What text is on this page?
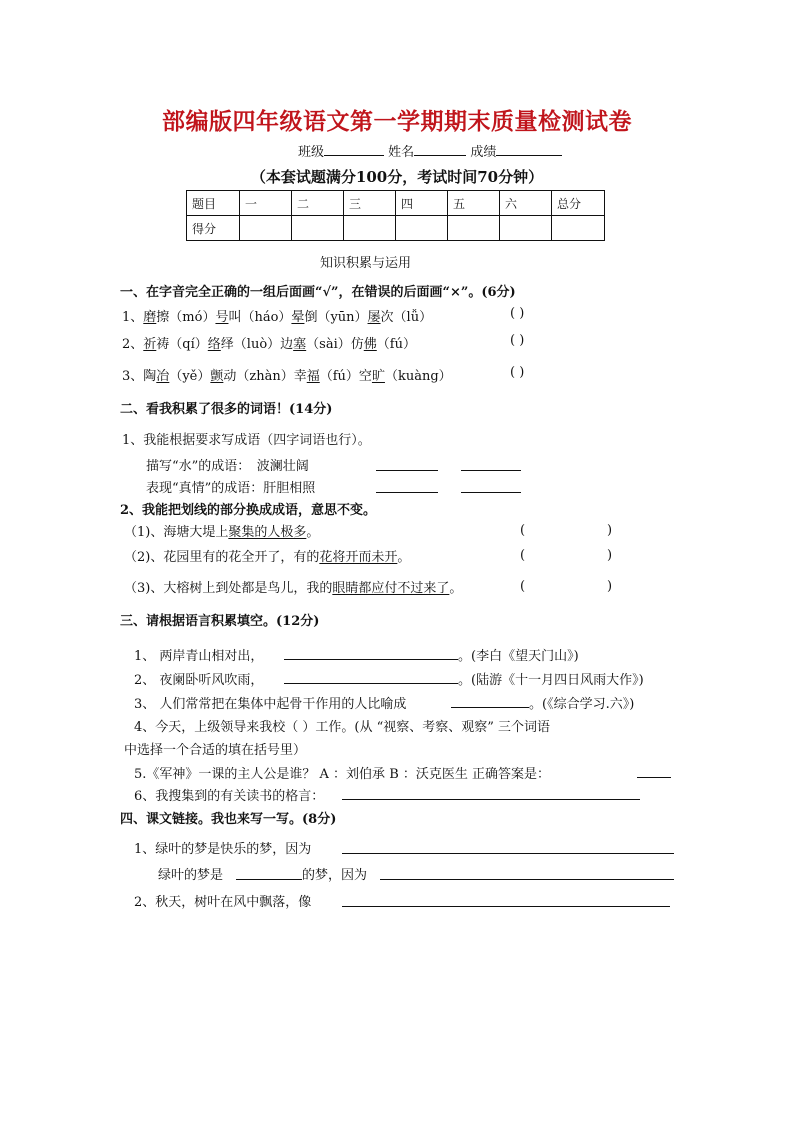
部编版四年级语文第一学期期末质量检测试卷
班级	姓名	成绩
（本套试题满分100分，考试时间70分钟）
题目	一	二	三	四	五	六	总分
得分							
知识积累与运用
一、在字音完全正确的一组后面画“√”，在错误的后面画“×”。(6分)
1、磨擦（mó）号叫（háo）晕倒（yūn）屡次（lǚ）	( )
2、祈祷（qí）络绎（luò）边塞（sài）仿佛（fú）	( )
3、陶冶（yě）颤动（zhàn）幸福（fú）空旷（kuàng）	( )
二、看我积累了很多的词语！(14分)
1、我能根据要求写成语（四字词语也行）。
描写“水”的成语：　波澜壮阔
表现“真情”的成语：肝胆相照
2、我能把划线的部分换成成语，意思不变。
（1)、海塘大堤上聚集的人极多。	(	)
（2)、花园里有的花全开了，有的花将开而未开。	(	)
（3)、大榕树上到处都是鸟儿，我的眼睛都应付不过来了。	(	)
三、请根据语言积累填空。(12分)
1、 两岸青山相对出，	。(李白《望天门山》)
2、 夜阑卧听风吹雨，	。(陆游《十一月四日风雨大作》)
3、 人们常常把在集体中起骨干作用的人比喻成	。(《综合学习.六》)
4、今天，上级领导来我校（ ）工作。(从 “视察、考察、观察” 三个词语
中选择一个合适的填在括号里）
5.《军神》一课的主人公是谁？ A ：刘伯承 B ：沃克医生 正确答案是：
6、我搜集到的有关读书的格言：
四、课文链接。我也来写一写。(8分)
1、绿叶的梦是快乐的梦，因为
绿叶的梦是	的梦，因为
2、秋天，树叶在风中飘落，像
